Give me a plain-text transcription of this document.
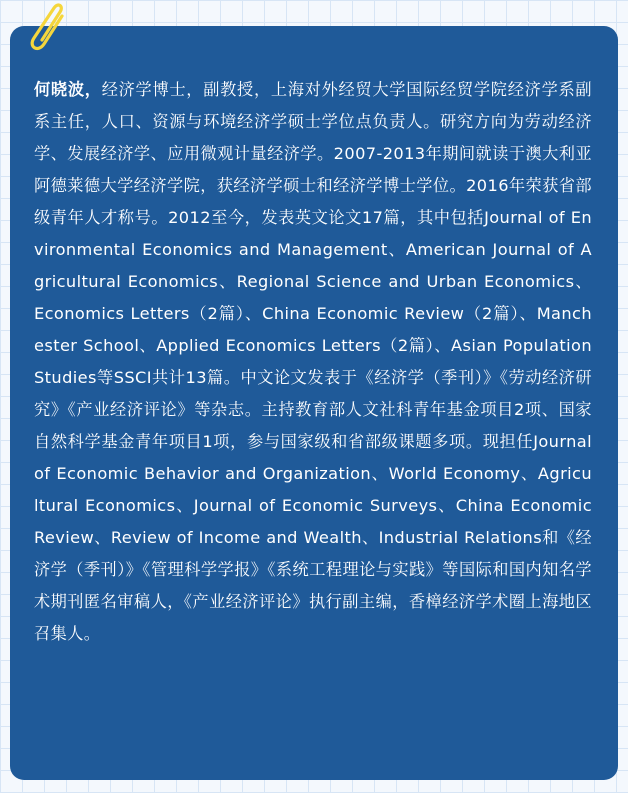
何晓波，经济学博士，副教授，上海对外经贸大学国际经贸学院经济学系副系主任，人口、资源与环境经济学硕士学位点负责人。研究方向为劳动经济学、发展经济学、应用微观计量经济学。2007-2013年期间就读于澳大利亚阿德莱德大学经济学院，获经济学硕士和经济学博士学位。2016年荣获省部级青年人才称号。2012至今，发表英文论文17篇，其中包括Journal of Environmental Economics and Management、American Journal of Agricultural Economics、Regional Science and Urban Economics、Economics Letters（2篇）、China Economic Review（2篇）、Manchester School、Applied Economics Letters（2篇）、Asian Population Studies等SSCI共计13篇。中文论文发表于《经济学（季刊）》《劳动经济研究》《产业经济评论》等杂志。主持教育部人文社科青年基金项目2项、国家自然科学基金青年项目1项，参与国家级和省部级课题多项。现担任Journal of Economic Behavior and Organization、World Economy、Agricultural Economics、Journal of Economic Surveys、China Economic Review、Review of Income and Wealth、Industrial Relations和《经济学（季刊）》《管理科学学报》《系统工程理论与实践》等国际和国内知名学术期刊匿名审稿人，《产业经济评论》执行副主编，香樟经济学术圈上海地区召集人。
